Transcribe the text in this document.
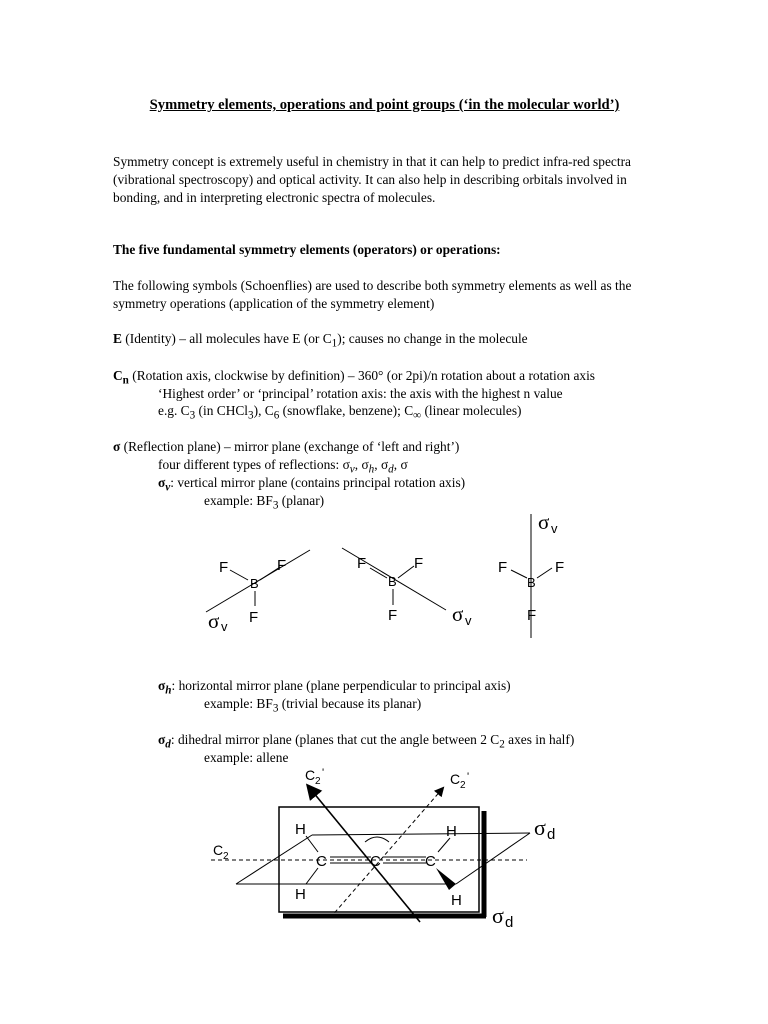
Symmetry elements, operations and point groups (‘in the molecular world’)
Symmetry concept is extremely useful in chemistry in that it can help to predict infra-red spectra (vibrational spectroscopy) and optical activity. It can also help in describing orbitals involved in bonding, and in interpreting electronic spectra of molecules.
The five fundamental symmetry elements (operators) or operations:
The following symbols (Schoenflies) are used to describe both symmetry elements as well as the symmetry operations (application of the symmetry element)
E (Identity) – all molecules have E (or $C_1$); causes no change in the molecule
$C_n$ (Rotation axis, clockwise by definition) – 360° (or 2pi)/n rotation about a rotation axis
‘Highest order’ or ‘principal’ rotation axis: the axis with the highest n value
e.g. $C_3$ (in CHCl$_3$), $C_6$ (snowflake, benzene); $C_\infty$ (linear molecules)
σ (Reflection plane) – mirror plane (exchange of ‘left and right’)
four different types of reflections: $\sigma_v$, $\sigma_h$, $\sigma_d$, σ
$\sigma_v$: vertical mirror plane (contains principal rotation axis)
example: $BF_3$ (planar)
$\sigma_h$: horizontal mirror plane (plane perpendicular to principal axis)
example: $BF_3$ (trivial because its planar)
$\sigma_d$: dihedral mirror plane (planes that cut the angle between 2 $C_2$ axes in half)
example: allene
F	F
B
F
F	F
B
F
F	F
B
F
σ v
σ v
σ v
C	C	C
H
H
H
H
C 2
C 2
'	C 2
'
σ d
σ d
